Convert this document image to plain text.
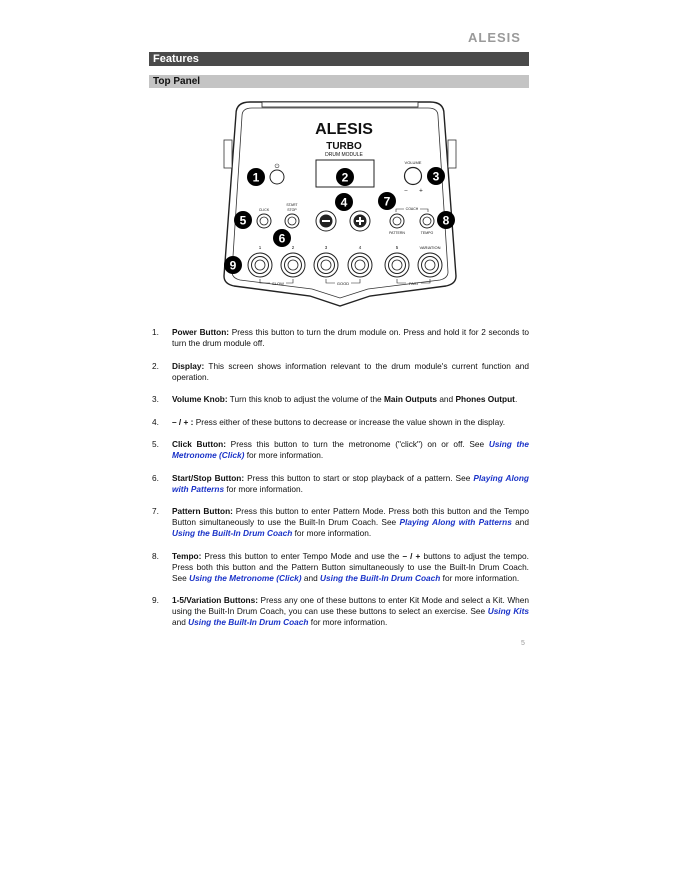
ALESIS
Features
Top Panel
ALESIS
TURBO
DRUM MODULE
⏻
VOLUME
− +
CLICK
START
STOP	COACH
PATTERN	TEMPO
1	2	3	4	5	VARIATION
SLOW	GOOD	FAST
1	2	3
4
5
6
7
8
9
1. Power Button: Press this button to turn the drum module on. Press and hold it for 2 seconds to turn the drum module off.
2. Display: This screen shows information relevant to the drum module's current function and operation.
3. Volume Knob: Turn this knob to adjust the volume of the Main Outputs and Phones Output.
4. – / + : Press either of these buttons to decrease or increase the value shown in the display.
5. Click Button: Press this button to turn the metronome ("click") on or off. See Using the Metronome (Click) for more information.
6. Start/Stop Button: Press this button to start or stop playback of a pattern. See Playing Along with Patterns for more information.
7. Pattern Button: Press this button to enter Pattern Mode. Press both this button and the Tempo Button simultaneously to use the Built-In Drum Coach. See Playing Along with Patterns and Using the Built-In Drum Coach for more information.
8. Tempo: Press this button to enter Tempo Mode and use the – / + buttons to adjust the tempo. Press both this button and the Pattern Button simultaneously to use the Built-In Drum Coach. See Using the Metronome (Click) and Using the Built-In Drum Coach for more information.
9. 1-5/Variation Buttons: Press any one of these buttons to enter Kit Mode and select a Kit. When using the Built-In Drum Coach, you can use these buttons to select an exercise. See Using Kits and Using the Built-In Drum Coach for more information.
5
